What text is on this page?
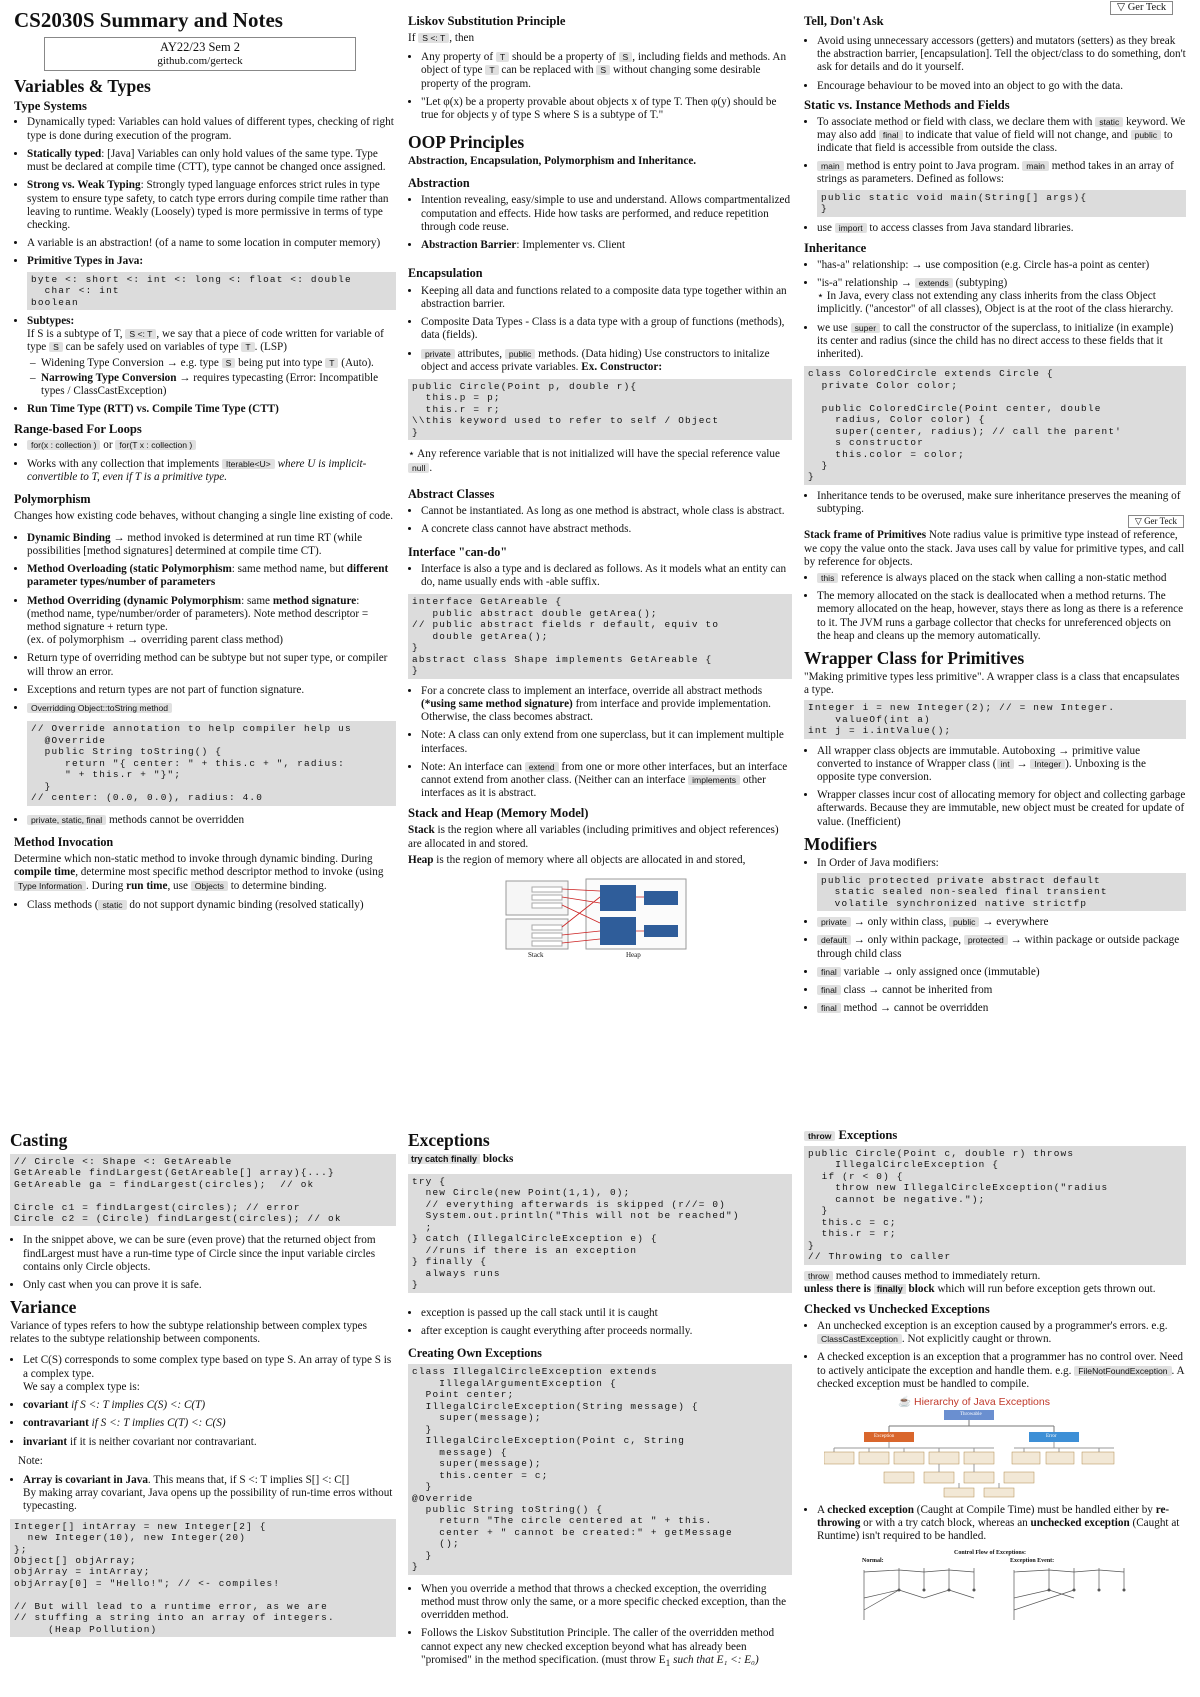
▽ Ger Teck
CS2030S Summary and Notes
AY22/23 Sem 2
github.com/gerteck
Variables & Types
Type Systems
• Dynamically typed: Variables can hold values of different types, checking of right type is done during execution of the program.
• Statically typed: [Java] Variables can only hold values of the same type. Type must be declared at compile time (CTT), type cannot be changed once assigned.
• Strong vs. Weak Typing: Strongly typed language enforces strict rules in type system to ensure type safety, to catch type errors during compile time rather than leaving to runtime. Weakly (Loosely) typed is more permissive in terms of type checking.
• A variable is an abstraction! (of a name to some location in computer memory)
• Primitive Types in Java:
byte <: short <: int <: long <: float <: double
char <: int
boolean
• Subtypes:
If S is a subtype of T, S <: T , we say that a piece of code written for variable of type S can be safely used on variables of type T . (LSP)
– Widening Type Conversion → e.g. type S being put into type T (Auto).
– Narrowing Type Conversion → requires typecasting (Error: Incompatible types / ClassCastException)
• Run Time Type (RTT) vs. Compile Time Type (CTT)
Range-based For Loops
• for(x : collection ) or for(T x : collection )
• Works with any collection that implements Iterable<U> where U is implicit-convertible to T, even if T is a primitive type.
Polymorphism

Changes how existing code behaves, without changing a single line existing of code.

• Dynamic Binding → method invoked is determined at run time RT (while possibilities [method signatures] determined at compile time CT).
• Method Overloading (static Polymorphism: same method name, but different parameter types/number of parameters
• Method Overriding (dynamic Polymorphism: same method signature: (method name, type/number/order of parameters). Note method descriptor = method signature + return type.
(ex. of polymorphism → overriding parent class method)
• Return type of overriding method can be subtype but not super type, or compiler will throw an error.
• Exceptions and return types are not part of function signature.
• Overridding Object::toString method
// Override annotation to help compiler help us
@Override
public String toString() {
return "{ center: " + this.c + ", radius:
" + this.r + "}";
}
// center: (0.0, 0.0), radius: 4.0
• private, static, final methods cannot be overridden
Method Invocation

Determine which non-static method to invoke through dynamic binding. During compile time, determine most specific method descriptor method to invoke (using Type Information . During run time, use Objects to determine binding.

• Class methods ( static do not support dynamic binding (resolved statically)
Liskov Substitution Principle

If S <: T , then

• Any property of T should be a property of S , including fields and methods. An object of type T can be replaced with S without changing some desirable property of the program.
• "Let φ(x) be a property provable about objects x of type T. Then φ(y) should be true for objects y of type S where S is a subtype of T."
OOP Principles

Abstraction, Encapsulation, Polymorphism and Inheritance.

Abstraction
• Intention revealing, easy/simple to use and understand. Allows compartmentalized computation and effects. Hide how tasks are performed, and reduce repetition through code reuse.
• Abstraction Barrier: Implementer vs. Client
Encapsulation
• Keeping all data and functions related to a composite data type together within an abstraction barrier.
• Composite Data Types - Class is a data type with a group of functions (methods), data (fields).
• private attributes, public methods. (Data hiding) Use constructors to initalize object and access private variables. Ex. Constructor:
public Circle(Point p, double r){
this.p = p;
this.r = r;
\\this keyword used to refer to self / Object
}

⋆ Any reference variable that is not initialized will have the special reference value null .

Abstract Classes
• Cannot be instantiated. As long as one method is abstract, whole class is abstract.
• A concrete class cannot have abstract methods.
Interface "can-do"
• Interface is also a type and is declared as follows. As it models what an entity can do, name usually ends with -able suffix.
interface GetAreable {
public abstract double getArea();
// public abstract fields r default, equiv to
double getArea();
}
abstract class Shape implements GetAreable {
}
• For a concrete class to implement an interface, override all abstract methods (*using same method signature) from interface and provide implementation. Otherwise, the class becomes abstract.
• Note: A class can only extend from one superclass, but it can implement multiple interfaces.
• Note: An interface can extend from one or more other interfaces, but an interface cannot extend from another class. (Neither can an interface implements other interfaces as it is abstract.
Stack and Heap (Memory Model)

Stack is the region where all variables (including primitives and object references) are allocated in and stored.

Heap is the region of memory where all objects are allocated in and stored,

Stack	Heap
Tell, Don't Ask
• Avoid using unnecessary accessors (getters) and mutators (setters) as they break the abstraction barrier, [encapsulation]. Tell the object/class to do something, don't ask for details and do it yourself.
• Encourage behaviour to be moved into an object to go with the data.
Static vs. Instance Methods and Fields
• To associate method or field with class, we declare them with static keyword. We may also add final to indicate that value of field will not change, and public to indicate that field is accessible from outside the class.
• main method is entry point to Java program. main method takes in an array of strings as parameters. Defined as follows:
public static void main(String[] args){
}
• use import to access classes from Java standard libraries.
Inheritance
• "has-a" relationship: → use composition (e.g. Circle has-a point as center)
• "is-a" relationship → extends (subtyping)
⋆ In Java, every class not extending any class inherits from the class Object implicitly. ("ancestor" of all classes), Object is at the root of the class hierarchy.
• we use super to call the constructor of the superclass, to initialize (in example) its center and radius (since the child has no direct access to these fields that it inherited).
class ColoredCircle extends Circle {
private Color color;

public ColoredCircle(Point center, double
radius, Color color) {
super(center, radius); // call the parent'
s constructor
this.color = color;
}
}
• Inheritance tends to be overused, make sure inheritance preserves the meaning of subtyping.
▽ Ger Teck

Stack frame of Primitives Note radius value is primitive type instead of reference, we copy the value onto the stack. Java uses call by value for primitive types, and call by reference for objects.

• this reference is always placed on the stack when calling a non-static method
• The memory allocated on the stack is deallocated when a method returns. The memory allocated on the heap, however, stays there as long as there is a reference to it. The JVM runs a garbage collector that checks for unreferenced objects on the heap and cleans up the memory automatically.
Wrapper Class for Primitives

"Making primitive types less primitive". A wrapper class is a class that encapsulates a type.

Integer i = new Integer(2); // = new Integer.
valueOf(int a)
int j = i.intValue();
• All wrapper class objects are immutable. Autoboxing → primitive value converted to instance of Wrapper class ( int → Integer ). Unboxing is the opposite type conversion.
• Wrapper classes incur cost of allocating memory for object and collecting garbage afterwards. Because they are immutable, new object must be created for update of value. (Inefficient)
Modifiers
• In Order of Java modifiers:
public protected private abstract default
static sealed non-sealed final transient
volatile synchronized native strictfp
• private → only within class, public → everywhere
• default → only within package, protected → within package or outside package through child class
• final variable → only assigned once (immutable)
• final class → cannot be inherited from
• final method → cannot be overridden
Casting
// Circle <: Shape <: GetAreable
GetAreable findLargest(GetAreable[] array){...}
GetAreable ga = findLargest(circles);  // ok

Circle c1 = findLargest(circles); // error
Circle c2 = (Circle) findLargest(circles); // ok
• In the snippet above, we can be sure (even prove) that the returned object from findLargest must have a run-time type of Circle since the input variable circles contains only Circle objects.
• Only cast when you can prove it is safe.
Variance

Variance of types refers to how the subtype relationship between complex types relates to the subtype relationship between components.

• Let C(S) corresponds to some complex type based on type S. An array of type S is a complex type.
We say a complex type is:
• covariant if S <: T implies C(S) <: C(T)
• contravariant if S <: T implies C(T) <: C(S)
• invariant if it is neither covariant nor contravariant.

Note:

• Array is covariant in Java. This means that, if S <: T implies S[] <: C[]
By making array covariant, Java opens up the possibility of run-time erros without typecasting.
Integer[] intArray = new Integer[2] {
new Integer(10), new Integer(20)
};
Object[] objArray;
objArray = intArray;
objArray[0] = "Hello!"; // <- compiles!

// But will lead to a runtime error, as we are
// stuffing a string into an array of integers.
(Heap Pollution)
Exceptions

try catch finally blocks

try {
new Circle(new Point(1,1), 0);
// everything afterwards is skipped (r//= 0)
System.out.println("This will not be reached")
;
} catch (IllegalCircleException e) {
//runs if there is an exception
} finally {
always runs
}
• exception is passed up the call stack until it is caught
• after exception is caught everything after proceeds normally.
Creating Own Exceptions
class IllegalCircleException extends
IllegalArgumentException {
Point center;
IllegalCircleException(String message) {
super(message);
}
IllegalCircleException(Point c, String
message) {
super(message);
this.center = c;
}
@Override
public String toString() {
return "The circle centered at " + this.
center + " cannot be created:" + getMessage
();
}
}
• When you override a method that throws a checked exception, the overriding method must throw only the same, or a more specific checked exception, than the overridden method.
• Follows the Liskov Substitution Principle. The caller of the overridden method cannot expect any new checked exception beyond what has already been "promised" in the method specification. (must throw $E_1$ such that E₁ <: E₀)
throw Exceptions
public Circle(Point c, double r) throws
IllegalCircleException {
if (r < 0) {
throw new IllegalCircleException("radius
cannot be negative.");
}
this.c = c;
this.r = r;
}
// Throwing to caller

throw method causes method to immediately return.
unless there is finally block which will run before exception gets thrown out.

Checked vs Unchecked Exceptions
• An unchecked exception is an exception caused by a programmer's errors. e.g. ClassCastException . Not explicitly caught or thrown.
• A checked exception is an exception that a programmer has no control over. Need to actively anticipate the exception and handle them. e.g. FileNotFoundException . A checked exception must be handled to compile.
☕ Hierarchy of Java Exceptions
Throwable
Exception	Error
• A checked exception (Caught at Compile Time) must be handled either by re-throwing or with a try catch block, whereas an unchecked exception (Caught at Runtime) isn't required to be handled.
Control Flow of Exceptions:
Normal:	Exception Event:
